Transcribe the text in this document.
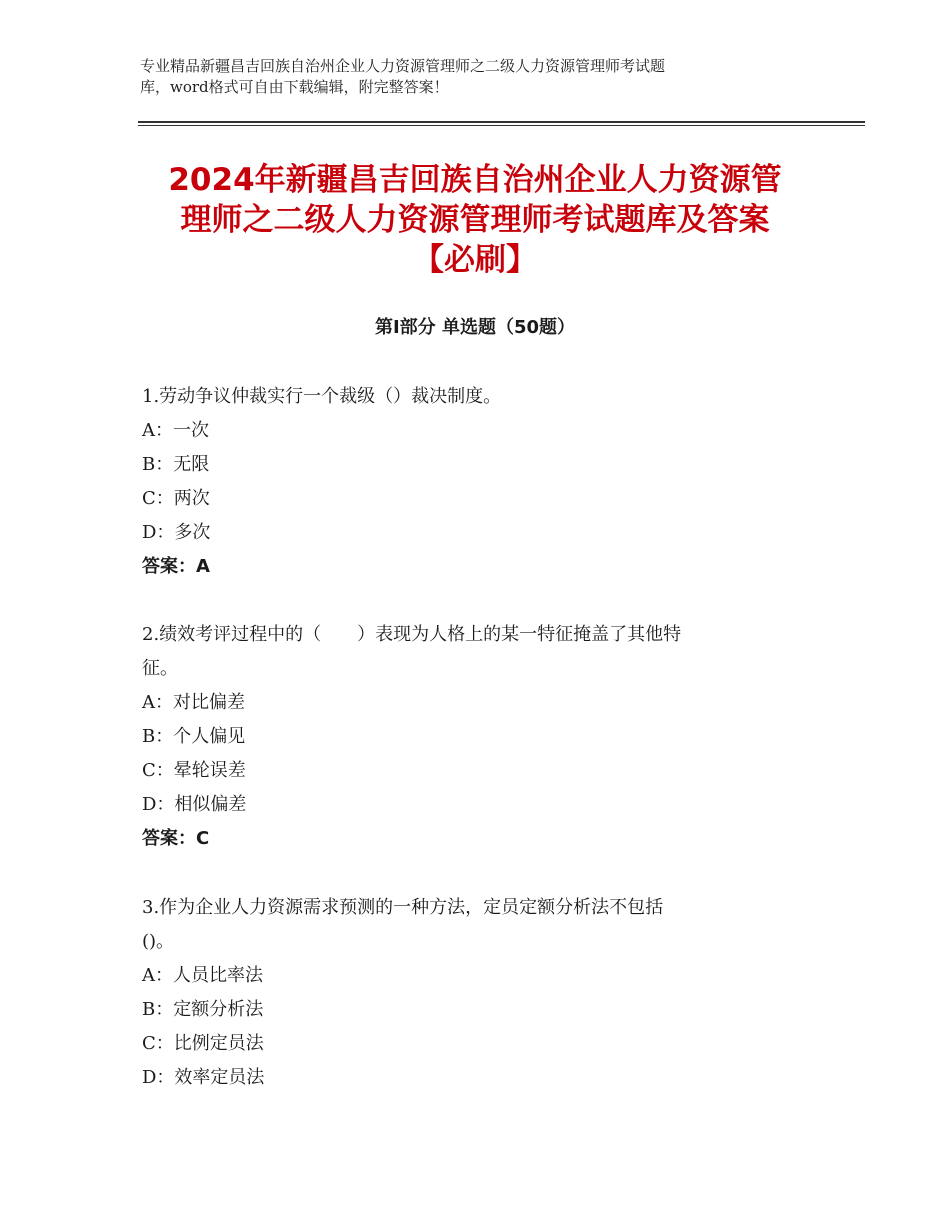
专业精品新疆昌吉回族自治州企业人力资源管理师之二级人力资源管理师考试题
库，word格式可自由下载编辑，附完整答案！
2024年新疆昌吉回族自治州企业人力资源管
理师之二级人力资源管理师考试题库及答案
【必刷】
第Ⅰ部分 单选题（50题）
1.劳动争议仲裁实行一个裁级（）裁决制度。
A：一次
B：无限
C：两次
D：多次
答案：A
2.绩效考评过程中的（　　）表现为人格上的某一特征掩盖了其他特
征。
A：对比偏差
B：个人偏见
C：晕轮误差
D：相似偏差
答案：C
3.作为企业人力资源需求预测的一种方法，定员定额分析法不包括
()。
A：人员比率法
B：定额分析法
C：比例定员法
D：效率定员法
